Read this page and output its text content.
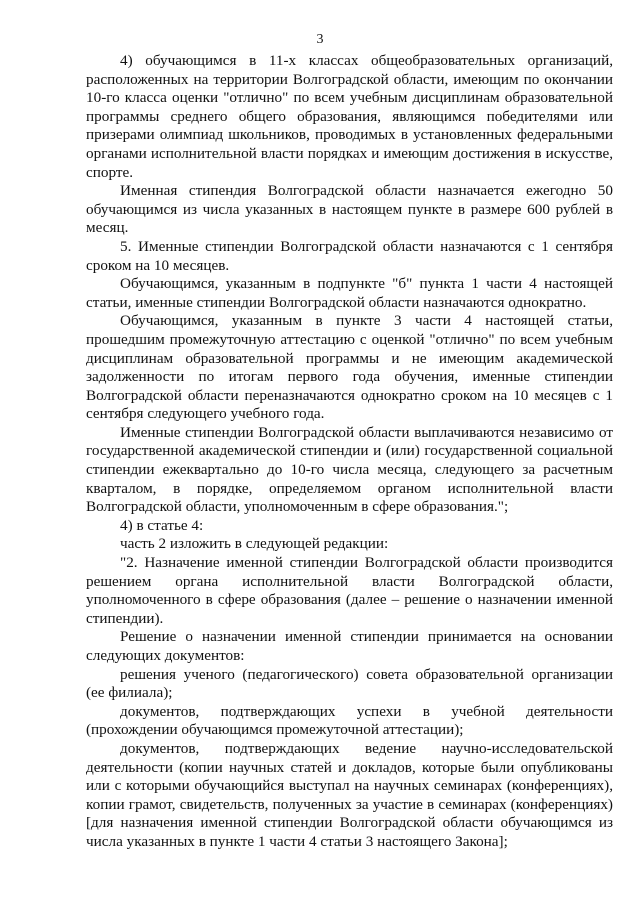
3

4) обучающимся в 11-х классах общеобразовательных организаций, расположенных на территории Волгоградской области, имеющим по окончании 10-го класса оценки "отлично" по всем учебным дисциплинам образовательной программы среднего общего образования, являющимся победителями или призерами олимпиад школьников, проводимых в установленных федеральными органами исполнительной власти порядках и имеющим достижения в искусстве, спорте.

Именная стипендия Волгоградской области назначается ежегодно 50 обучающимся из числа указанных в настоящем пункте в размере 600 рублей в месяц.

5. Именные стипендии Волгоградской области назначаются с 1 сентября сроком на 10 месяцев.

Обучающимся, указанным в подпункте "б" пункта 1 части 4 настоящей статьи, именные стипендии Волгоградской области назначаются однократно.

Обучающимся, указанным в пункте 3 части 4 настоящей статьи, прошедшим промежуточную аттестацию с оценкой "отлично" по всем учебным дисциплинам образовательной программы и не имеющим академической задолженности по итогам первого года обучения, именные стипендии Волгоградской области переназначаются однократно сроком на 10 месяцев с 1 сентября следующего учебного года.

Именные стипендии Волгоградской области выплачиваются независимо от государственной академической стипендии и (или) государственной социальной стипендии ежеквартально до 10-го числа месяца, следующего за расчетным кварталом, в порядке, определяемом органом исполнительной власти Волгоградской области, уполномоченным в сфере образования.";

4) в статье 4:

часть 2 изложить в следующей редакции:

"2. Назначение именной стипендии Волгоградской области производится решением органа исполнительной власти Волгоградской области, уполномоченного в сфере образования (далее – решение о назначении именной стипендии).

Решение о назначении именной стипендии принимается на основании следующих документов:

решения ученого (педагогического) совета образовательной организации (ее филиала);

документов, подтверждающих успехи в учебной деятельности (прохождении обучающимся промежуточной аттестации);

документов, подтверждающих ведение научно-исследовательской деятельности (копии научных статей и докладов, которые были опубликованы или с которыми обучающийся выступал на научных семинарах (конференциях), копии грамот, свидетельств, полученных за участие в семинарах (конференциях) [для назначения именной стипендии Волгоградской области обучающимся из числа указанных в пункте 1 части 4 статьи 3 настоящего Закона];
